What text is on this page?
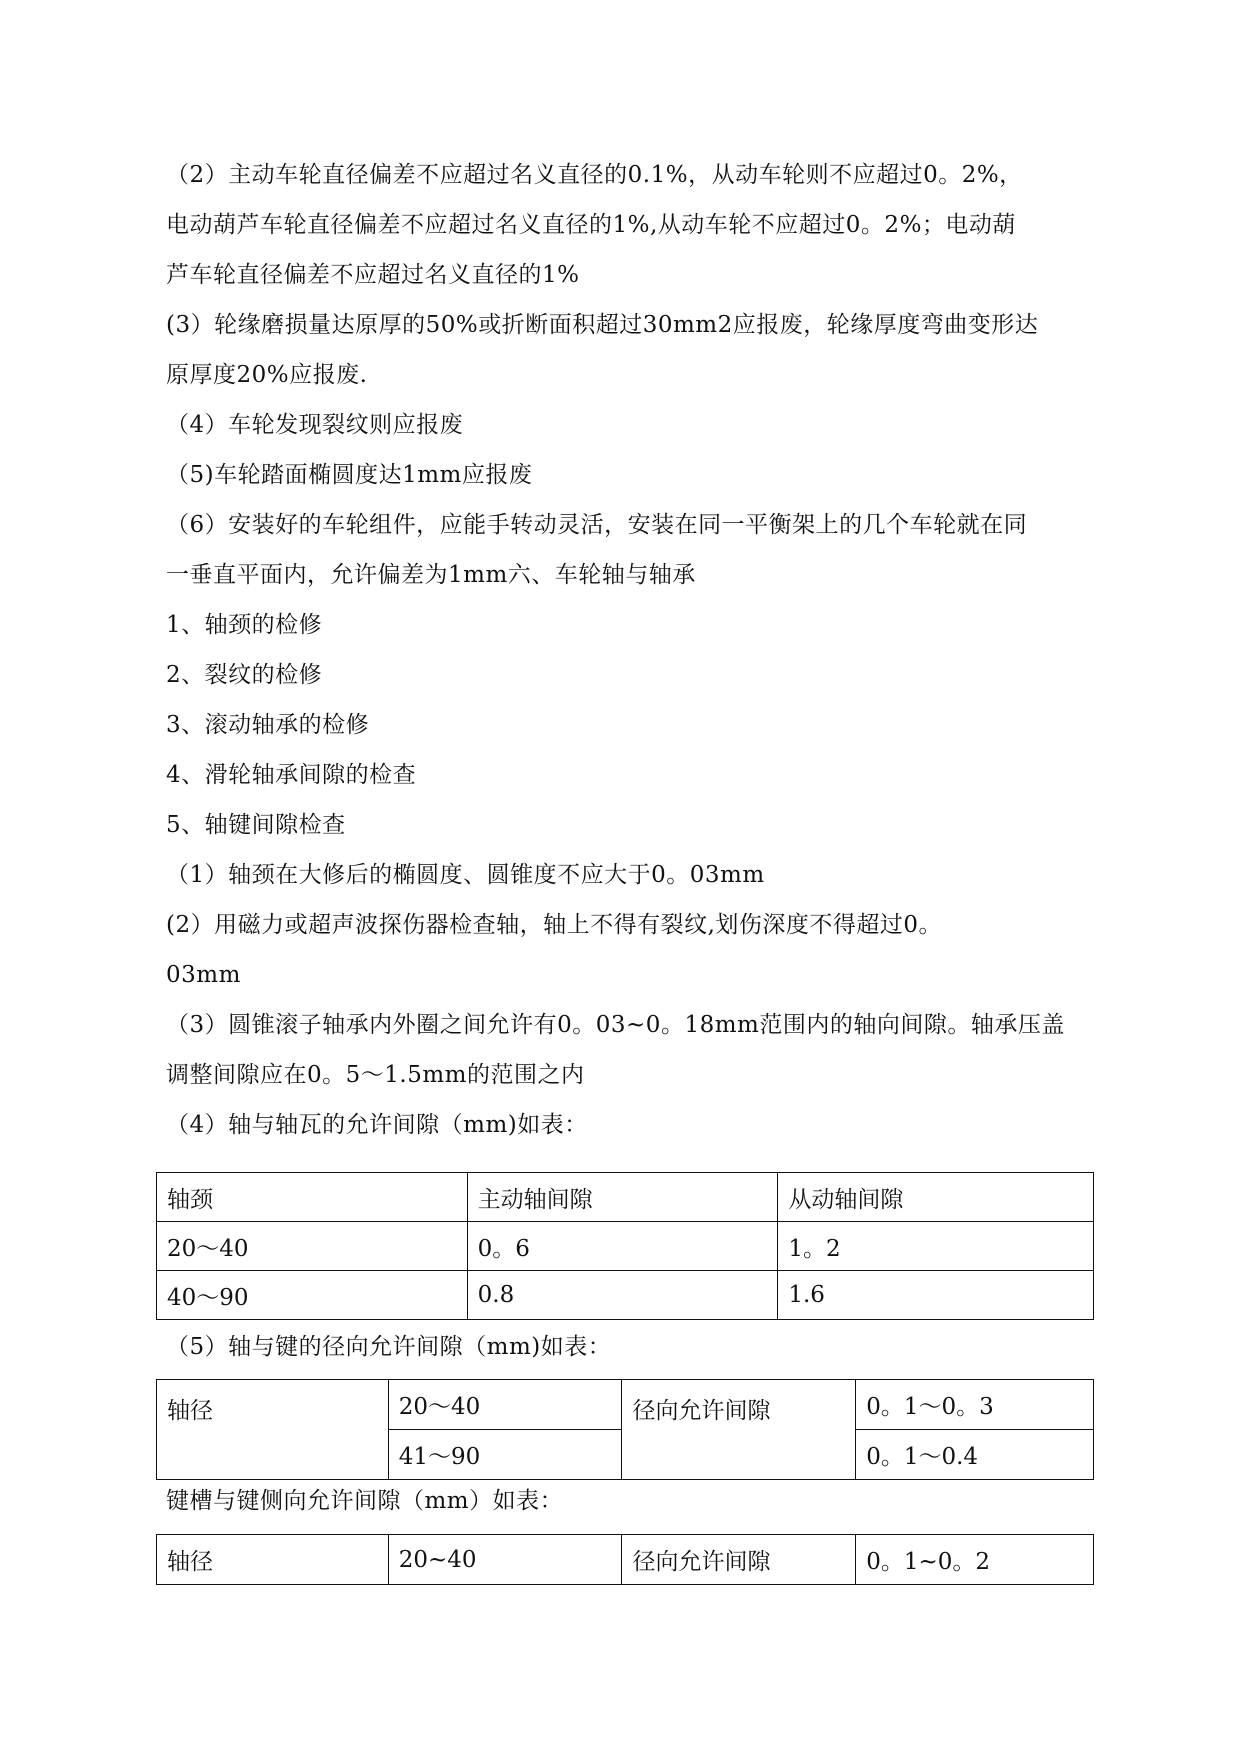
（2）主动车轮直径偏差不应超过名义直径的0.1%，从动车轮则不应超过0。2%，
电动葫芦车轮直径偏差不应超过名义直径的1%,从动车轮不应超过0。2%；电动葫
芦车轮直径偏差不应超过名义直径的1%
(3）轮缘磨损量达原厚的50%或折断面积超过30mm2应报废，轮缘厚度弯曲变形达
原厚度20%应报废.
（4）车轮发现裂纹则应报废
（5)车轮踏面椭圆度达1mm应报废
（6）安装好的车轮组件，应能手转动灵活，安装在同一平衡架上的几个车轮就在同
一垂直平面内，允许偏差为1mm六、车轮轴与轴承
1、轴颈的检修
2、裂纹的检修
3、滚动轴承的检修
4、滑轮轴承间隙的检查
5、轴键间隙检查
（1）轴颈在大修后的椭圆度、圆锥度不应大于0。03mm
(2）用磁力或超声波探伤器检查轴，轴上不得有裂纹,划伤深度不得超过0。
03mm
（3）圆锥滚子轴承内外圈之间允许有0。03~0。18mm范围内的轴向间隙。轴承压盖
调整间隙应在0。5～1.5mm的范围之内
（4）轴与轴瓦的允许间隙（mm)如表：
轴颈	主动轴间隙	从动轴间隙
20～40	0。6	1。2
40～90	0.8	1.6
（5）轴与键的径向允许间隙（mm)如表：
轴径	20～40	径向允许间隙	0。1～0。3
	41～90		0。1～0.4
键槽与键侧向允许间隙（mm）如表：
轴径	20~40	径向允许间隙	0。1~0。2
